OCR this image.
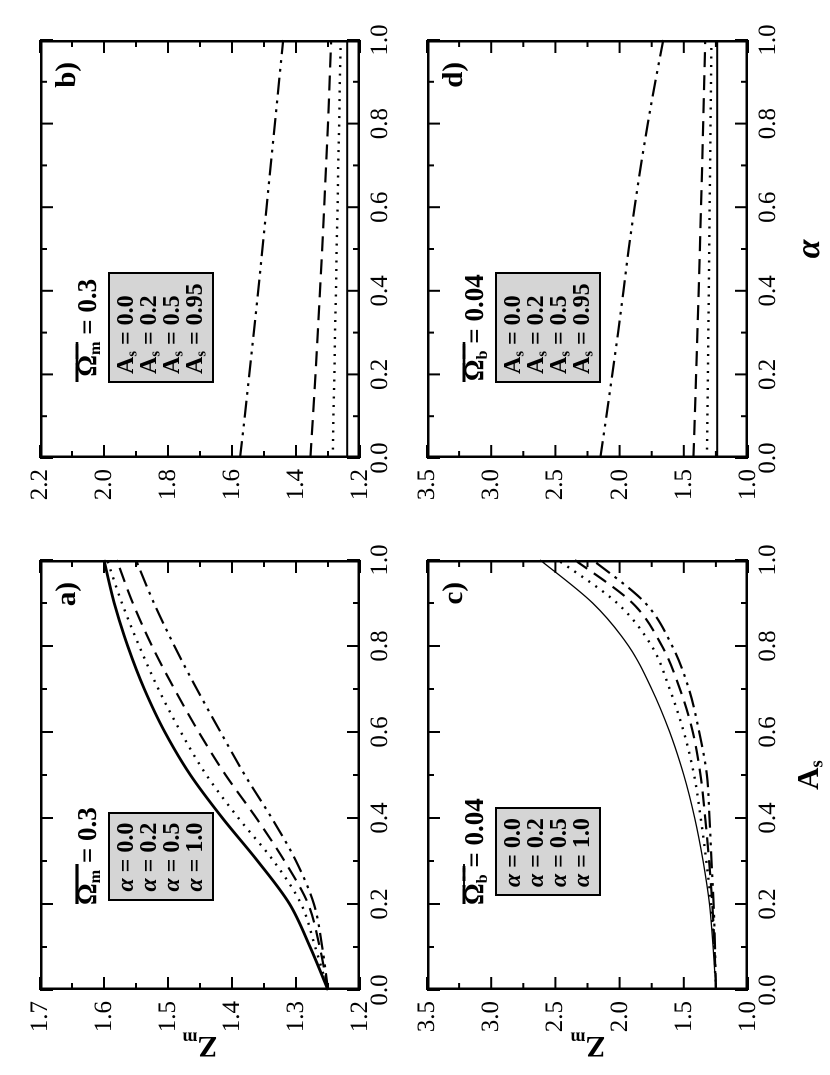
1.2
1.3
1.4
1.5
1.6
1.7
0.0
0.2
0.4
0.6
0.8
1.0
a)
$Z_m$
$\Omega_m = 0.3$
α = 0.0
α = 0.2
α = 0.5
α = 1.0
1.2
1.4
1.6
1.8
2.0
2.2
0.0
0.2
0.4
0.6
0.8
1.0
b)
$\Omega_m = 0.3$
$A_s = 0.0$
$A_s = 0.2$
$A_s = 0.5$
$A_s = 0.95$
1.0
1.5
2.0
2.5
3.0
3.5
0.0
0.2
0.4
0.6
0.8
1.0
c)
$Z_m$
$A_s$
$\Omega_b = 0.04$
α = 0.0
α = 0.2
α = 0.5
α = 1.0
1.0
1.5
2.0
2.5
3.0
3.5
0.0
0.2
0.4
0.6
0.8
1.0
d)
α
$\Omega_b = 0.04$
$A_s = 0.0$
$A_s = 0.2$
$A_s = 0.5$
$A_s = 0.95$
